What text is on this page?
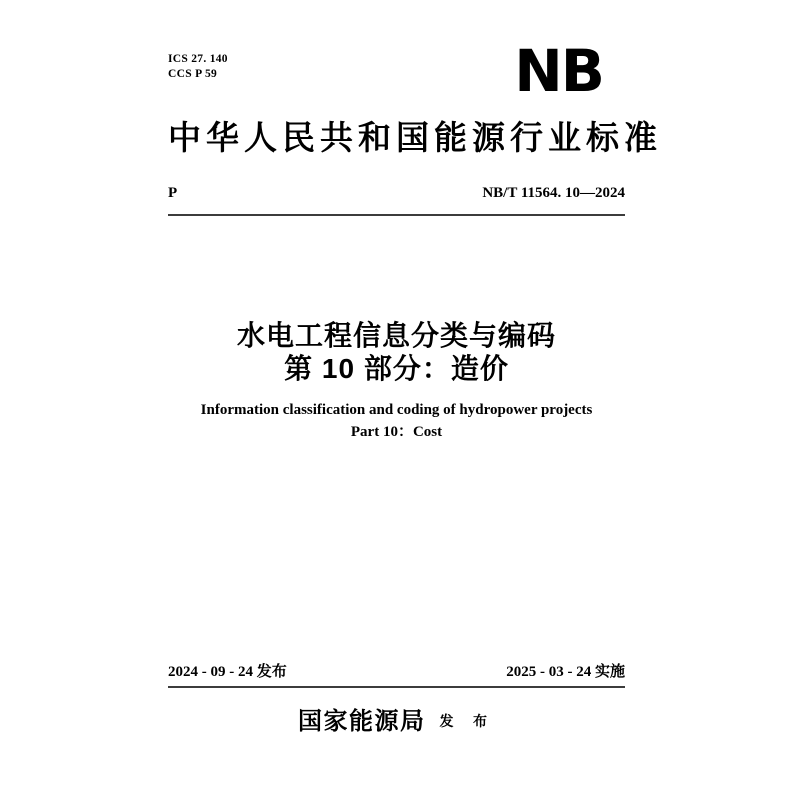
ICS 27. 140
CCS P 59	NB
中华人民共和国能源行业标准
P	NB/T 11564. 10—2024
水电工程信息分类与编码
第 10 部分：造价
Information classification and coding of hydropower projects
Part 10：Cost
2024 - 09 - 24 发布	2025 - 03 - 24 实施
国家能源局 发 布
